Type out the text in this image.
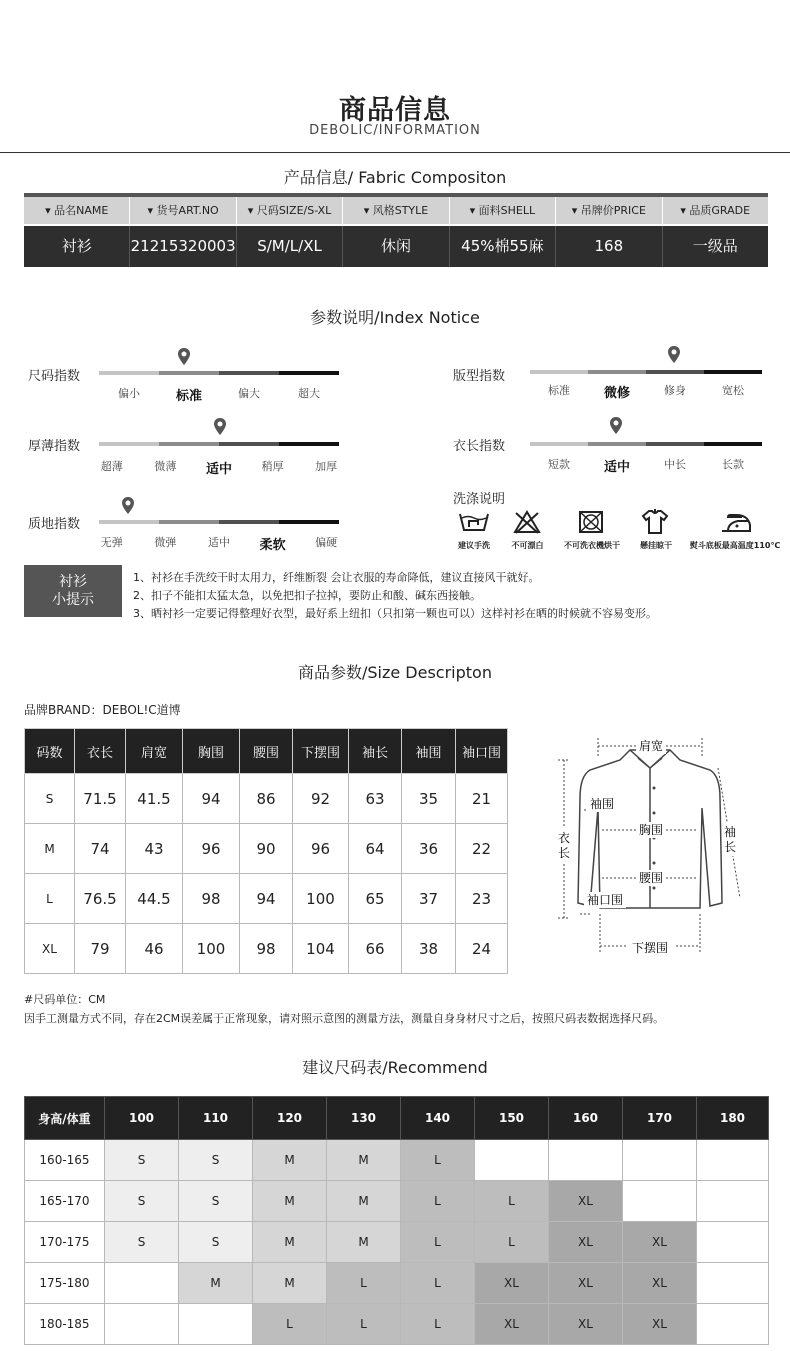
商品信息
DEBOLIC/INFORMATION
产品信息/ Fabric Compositon
▾ 品名NAME	▾ 货号ART.NO	▾ 尺码SIZE/S-XL	▾ 风格STYLE	▾ 面料SHELL	▾ 吊牌价PRICE	▾ 品质GRADE
衬衫	21215320003	S/M/L/XL	休闲	45%棉55麻	168	一级品
参数说明/Index Notice
尺码指数
偏小	标准	偏大	超大
版型指数
标准	微修	修身	宽松
厚薄指数
超薄	微薄	适中	稍厚	加厚
衣长指数
短款	适中	中长	长款
质地指数
无弹	微弹	适中	柔软	偏硬
洗涤说明
建议手洗	不可漂白	不可洗衣機烘干	懸挂晾干	熨斗底板最高温度110℃
衬衫
小提示
1、衬衫在手洗绞干时太用力，纤维断裂 会让衣服的寿命降低，建议直接风干就好。
2、扣子不能扣太猛太急，以免把扣子拉掉，要防止和酸、碱东西接触。
3、晒衬衫一定要记得整理好衣型，最好系上纽扣（只扣第一颗也可以）这样衬衫在晒的时候就不容易变形。
商品参数/Size Descripton
品牌BRAND：DEBOL!C道博
码数	衣长	肩宽	胸围	腰围	下摆围	袖长	袖围	袖口围
S	71.5	41.5	94	86	92	63	35	21
M	74	43	96	90	96	64	36	22
L	76.5	44.5	98	94	100	65	37	23
XL	79	46	100	98	104	66	38	24
肩宽
袖围
胸围
腰围
袖口围
下摆围
衣
长
袖
长
#尺码单位：CM
因手工测量方式不同，存在2CM误差属于正常现象，请对照示意图的测量方法，测量自身身材尺寸之后，按照尺码表数据选择尺码。
建议尺码表/Recommend
身高/体重	100	110	120	130	140	150	160	170	180
160-165	S	S	M	M	L				
165-170	S	S	M	M	L	L	XL		
170-175	S	S	M	M	L	L	XL	XL	
175-180		M	M	L	L	XL	XL	XL	
180-185			L	L	L	XL	XL	XL	
